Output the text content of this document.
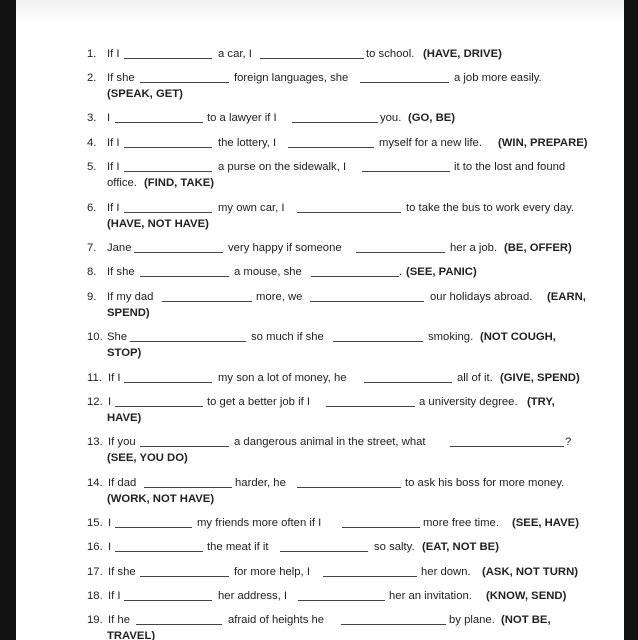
1. If I	a car, I	to school. (HAVE, DRIVE)
2. If she	foreign languages, she	a job more easily.
(SPEAK, GET)
3. I	to a lawyer if I	you. (GO, BE)
4. If I	the lottery, I	myself for a new life. (WIN, PREPARE)
5. If I	a purse on the sidewalk, I	it to the lost and found
office. (FIND, TAKE)
6. If I	my own car, I	to take the bus to work every day.
(HAVE, NOT HAVE)
7. Jane	very happy if someone	her a job. (BE, OFFER)
8. If she	a mouse, she	. (SEE, PANIC)
9. If my dad	more, we	our holidays abroad. (EARN,
SPEND)
10. She	so much if she	smoking. (NOT COUGH,
STOP)
11. If I	my son a lot of money, he	all of it. (GIVE, SPEND)
12. I	to get a better job if I	a university degree. (TRY,
HAVE)
13. If you	a dangerous animal in the street, what	?
(SEE, YOU DO)
14. If dad	harder, he	to ask his boss for more money.
(WORK, NOT HAVE)
15. I	my friends more often if I	more free time. (SEE, HAVE)
16. I	the meat if it	so salty. (EAT, NOT BE)
17. If she	for more help, I	her down. (ASK, NOT TURN)
18. If I	her address, I	her an invitation. (KNOW, SEND)
19. If he	afraid of heights he	by plane. (NOT BE,
TRAVEL)
